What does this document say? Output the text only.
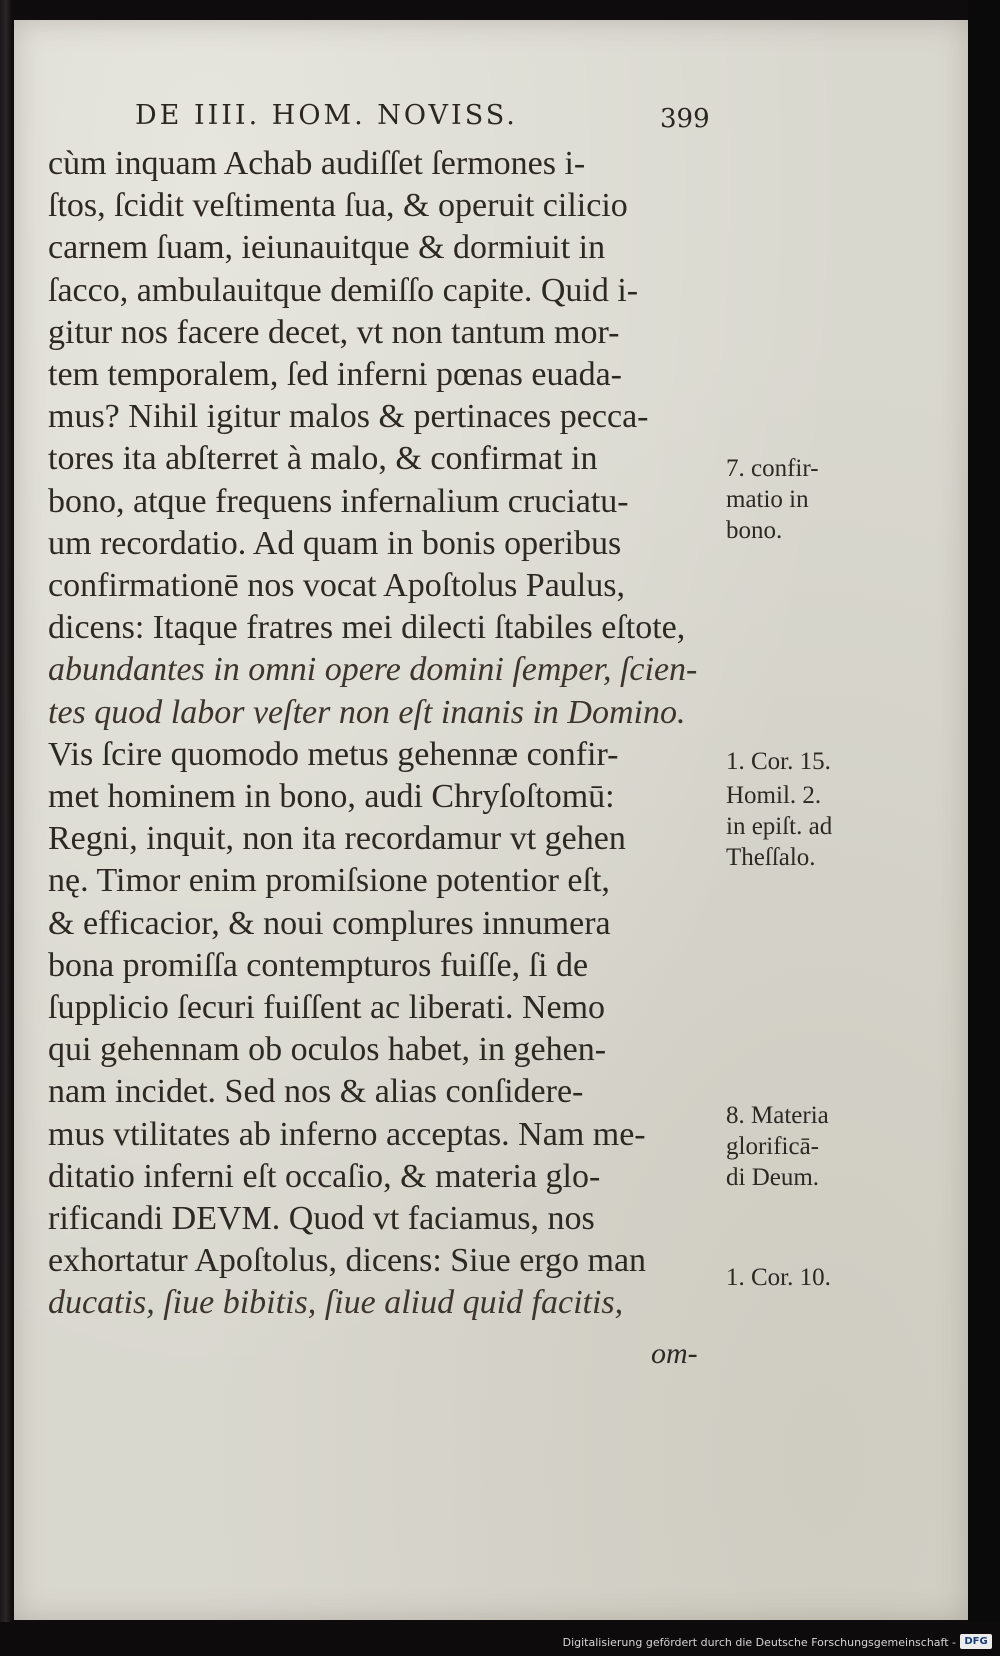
DE IIII. HOM. NOVISS.	399
cùm inquam Achab audiſſet ſermones i-
ſtos, ſcidit veſtimenta ſua, & operuit cilicio
carnem ſuam, ieiunauitque & dormiuit in
ſacco, ambulauitque demiſſo capite. Quid i-
gitur nos facere decet, vt non tantum mor-
tem temporalem, ſed inferni pœnas euada-
mus? Nihil igitur malos & pertinaces pecca-
tores ita abſterret à malo, & confirmat in
bono, atque frequens infernalium cruciatu-
um recordatio. Ad quam in bonis operibus
confirmationē nos vocat Apoſtolus Paulus,
dicens: Itaque fratres mei dilecti ſtabiles eſtote,
abundantes in omni opere domini ſemper, ſcien-
tes quod labor veſter non eſt inanis in Domino.
Vis ſcire quomodo metus gehennæ confir-
met hominem in bono, audi Chryſoſtomū:
Regni, inquit, non ita recordamur vt gehen
nę. Timor enim promiſsione potentior eſt,
& efficacior, & noui complures innumera
bona promiſſa contempturos fuiſſe, ſi de
ſupplicio ſecuri fuiſſent ac liberati. Nemo
qui gehennam ob oculos habet, in gehen-
nam incidet. Sed nos & alias conſidere-
mus vtilitates ab inferno acceptas. Nam me-
ditatio inferni eſt occaſio, & materia glo-
rificandi DEVM. Quod vt faciamus, nos
exhortatur Apoſtolus, dicens: Siue ergo man
ducatis, ſiue bibitis, ſiue aliud quid facitis,
om-
7. confir-
matio in
bono.
1. Cor. 15.
Homil. 2.
in epiſt. ad
Theſſalo.
8. Materia
glorificā-
di Deum.
1. Cor. 10.
Digitalisierung gefördert durch die Deutsche Forschungsgemeinschaft - DFG
